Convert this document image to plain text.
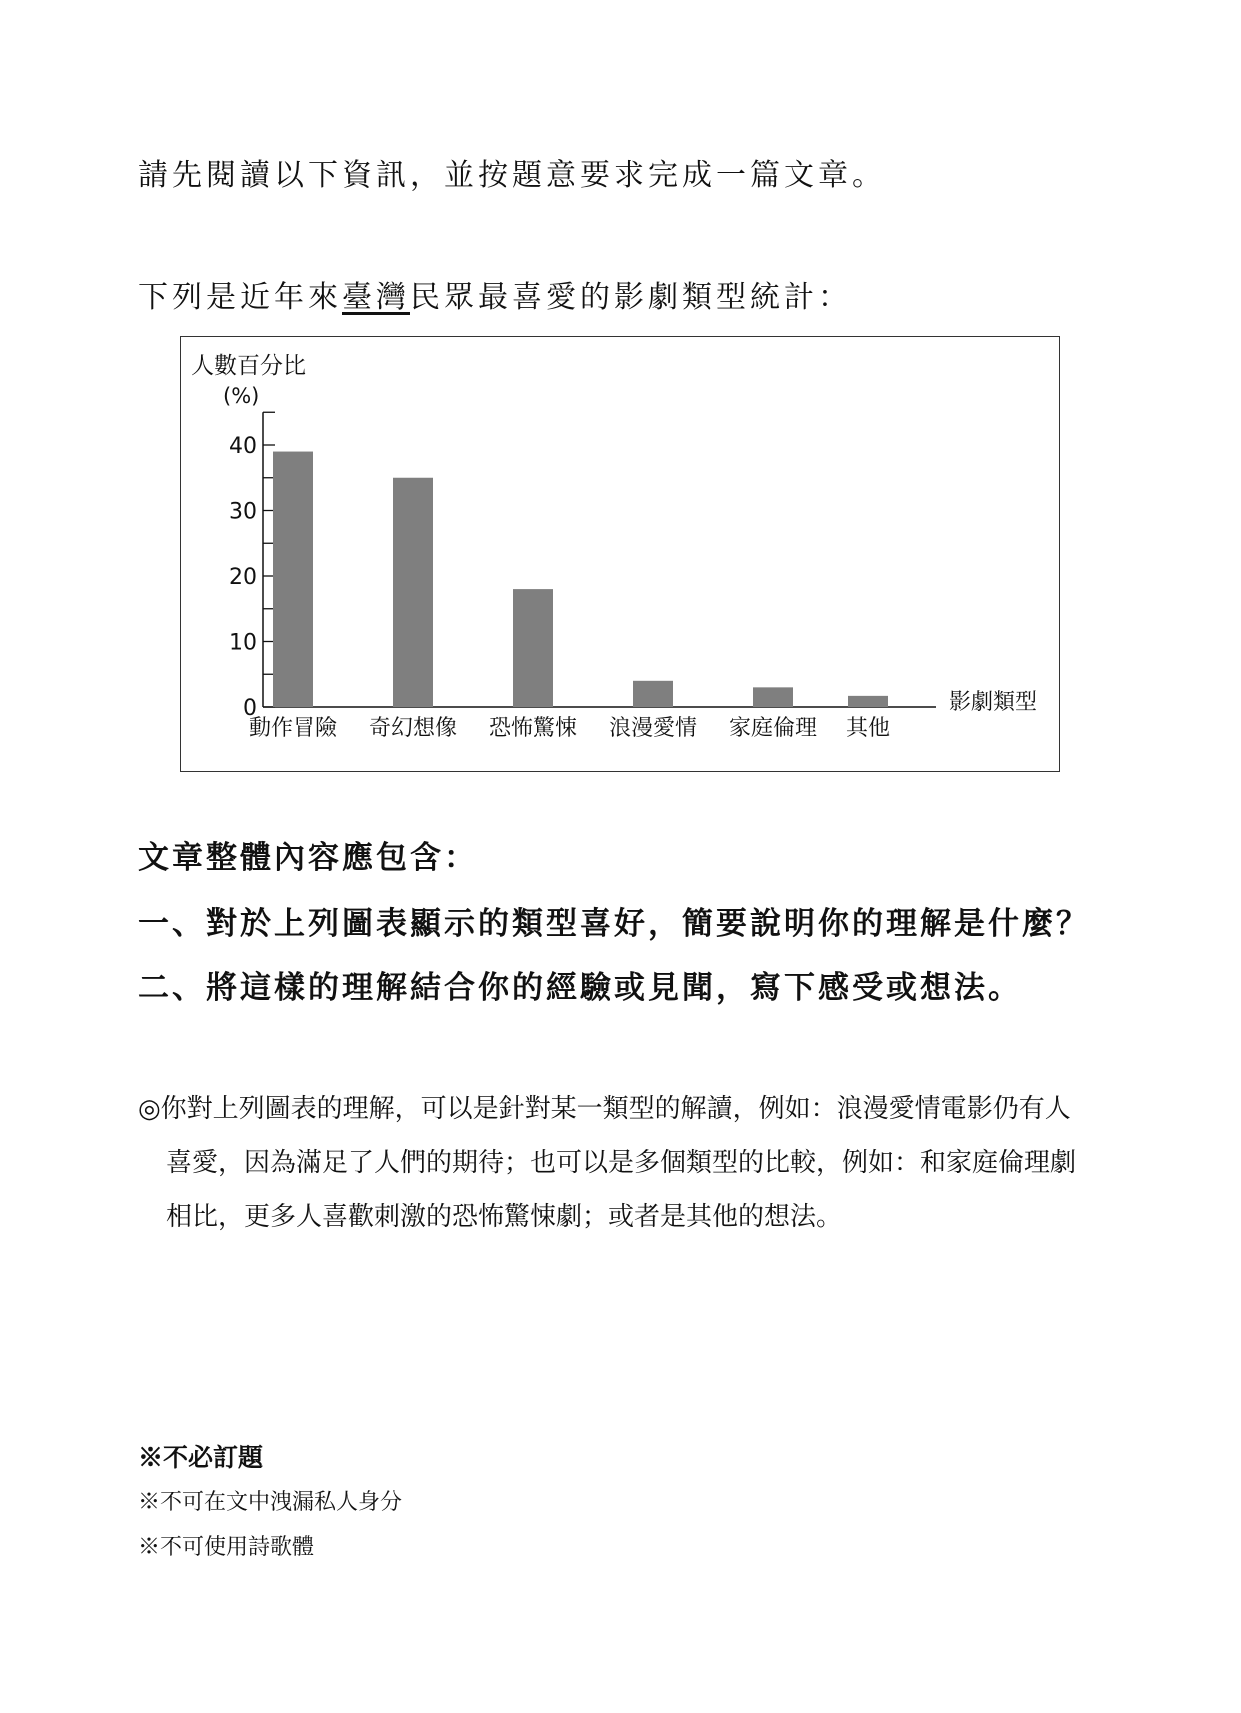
請先閱讀以下資訊，並按題意要求完成一篇文章。
下列是近年來臺灣民眾最喜愛的影劇類型統計：
人數百分比
(%)
0
10
20
30
40
動作冒險 奇幻想像 恐怖驚悚 浪漫愛情 家庭倫理 其他
影劇類型
文章整體內容應包含：
一、對於上列圖表顯示的類型喜好，簡要說明你的理解是什麼？
二、將這樣的理解結合你的經驗或見聞，寫下感受或想法。
◎你對上列圖表的理解，可以是針對某一類型的解讀，例如：浪漫愛情電影仍有人
喜愛，因為滿足了人們的期待；也可以是多個類型的比較，例如：和家庭倫理劇
相比，更多人喜歡刺激的恐怖驚悚劇；或者是其他的想法。
※不必訂題
※不可在文中洩漏私人身分
※不可使用詩歌體
